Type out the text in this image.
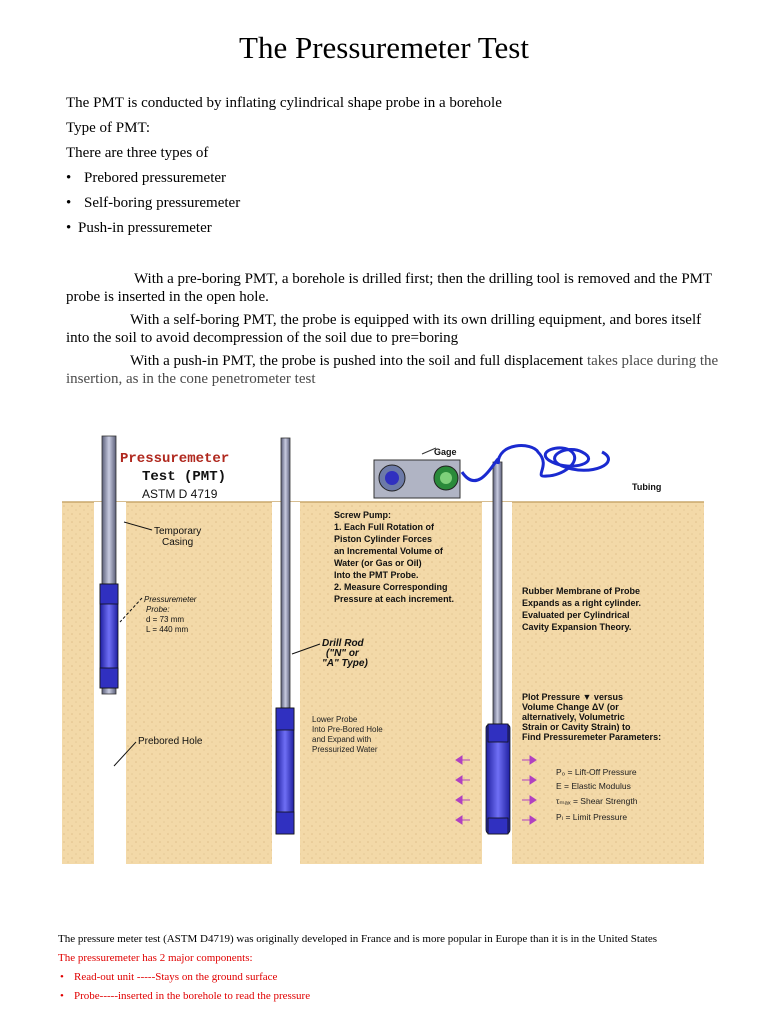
The Pressuremeter Test

The PMT is conducted by inflating cylindrical shape probe in a borehole

Type of PMT:

There are three types of

• Prebored pressuremeter
• Self-boring pressuremeter
• Push-in pressuremeter

With a pre-boring PMT, a borehole is drilled first; then the drilling tool is removed and the PMT probe is inserted in the open hole.

With a self-boring PMT, the probe is equipped with its own drilling equipment, and bores itself into the soil to avoid decompression of the soil due to pre=boring

With a push-in PMT, the probe is pushed into the soil and full displacement takes place during the insertion, as in the cone penetrometer test

Pressuremeter
Test (PMT)
ASTM D 4719
Temporary
Casing
Pressuremeter
Probe:
d = 73 mm
L = 440 mm
Prebored Hole
Drill Rod
("N" or
"A" Type)
Lower Probe
Into Pre-Bored Hole
and Expand with
Pressurized Water
Gage
Tubing
Screw Pump:
1. Each Full Rotation of
Piston Cylinder Forces
an Incremental Volume of
Water (or Gas or Oil)
Into the PMT Probe.
2. Measure Corresponding
Pressure at each increment.
Rubber Membrane of Probe
Expands as a right cylinder.
Evaluated per Cylindrical
Cavity Expansion Theory.
Plot Pressure ▼ versus
Volume Change ΔV (or
alternatively, Volumetric
Strain or Cavity Strain) to
Find Pressuremeter Parameters:
P₀ = Lift-Off Pressure
E = Elastic Modulus
τₘₐₓ = Shear Strength
Pₗ = Limit Pressure

The pressure meter test (ASTM D4719) was originally developed in France and is more popular in Europe than it is in the United States

The pressuremeter has 2 major components:

• Read-out unit -----Stays on the ground surface
• Probe-----inserted in the borehole to read the pressure
